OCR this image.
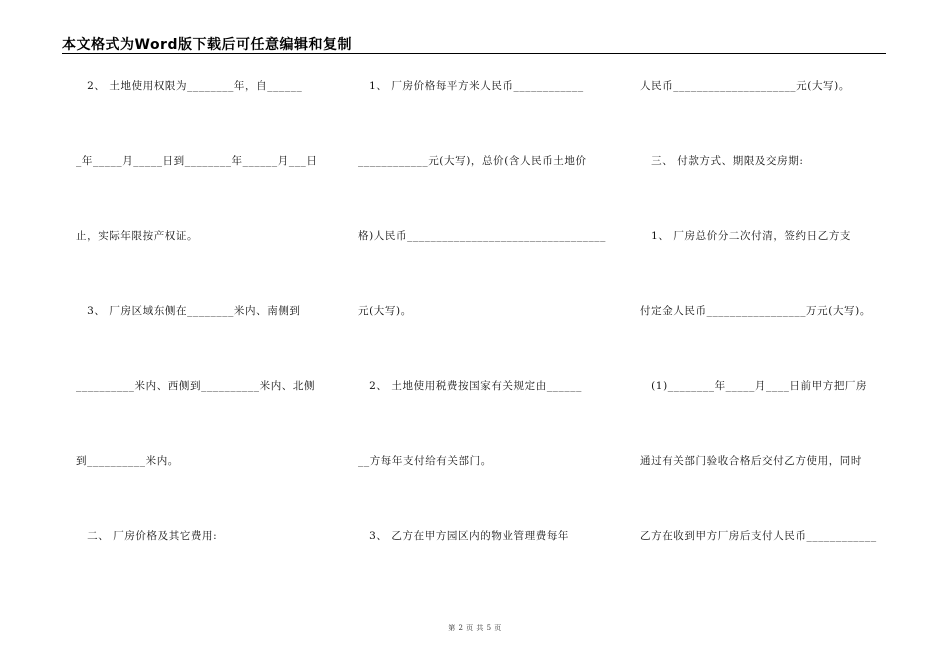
本文格式为Word版下载后可任意编辑和复制
　2、 土地使用权限为________年，自______
_年_____月_____日到________年______月___日
止，实际年限按产权证。
　3、 厂房区域东侧在________米内、南侧到
__________米内、西侧到__________米内、北侧
到__________米内。
　二、 厂房价格及其它费用:
　1、 厂房价格每平方米人民币____________
____________元(大写)，总价(含人民币土地价
格)人民币__________________________________
元(大写)。
　2、 土地使用税费按国家有关规定由______
__方每年支付给有关部门。
　3、 乙方在甲方园区内的物业管理费每年
人民币_____________________元(大写)。
　三、 付款方式、期限及交房期:
　1、 厂房总价分二次付清，签约日乙方支
付定金人民币_________________万元(大写)。
　(1)________年_____月____日前甲方把厂房
通过有关部门验收合格后交付乙方使用，同时
乙方在收到甲方厂房后支付人民币____________
第 2 页 共 5 页
